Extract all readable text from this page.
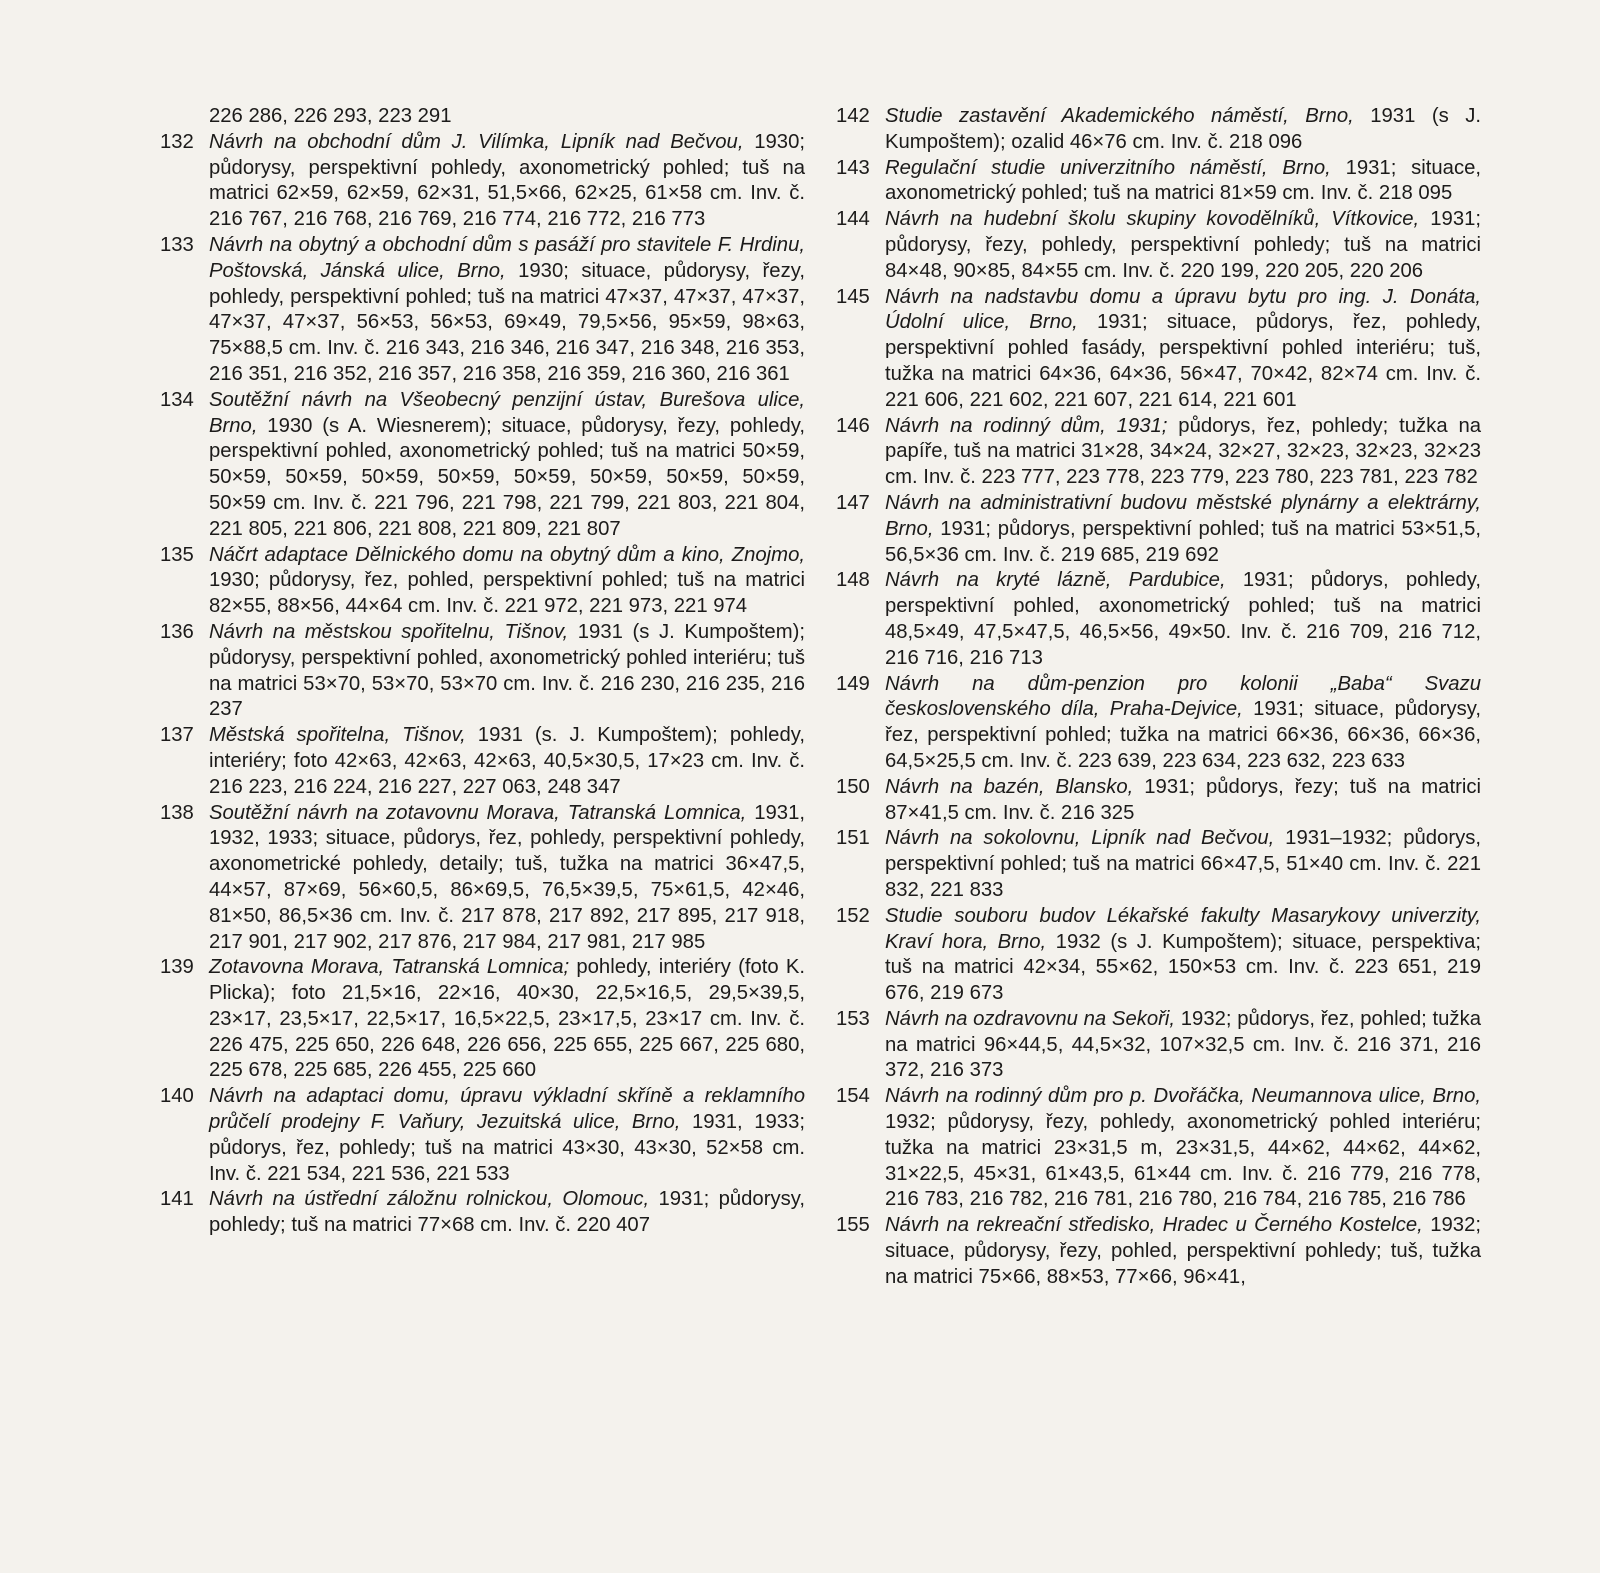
226 286, 226 293, 223 291

132 Návrh na obchodní dům J. Vilímka, Lipník nad Bečvou, 1930; půdorysy, perspektivní pohledy, axonometrický pohled; tuš na matrici 62×59, 62×59, 62×31, 51,5×66, 62×25, 61×58 cm. Inv. č. 216 767, 216 768, 216 769, 216 774, 216 772, 216 773

133 Návrh na obytný a obchodní dům s pasáží pro stavitele F. Hrdinu, Poštovská, Jánská ulice, Brno, 1930; situace, půdorysy, řezy, pohledy, perspektivní pohled; tuš na matrici 47×37, 47×37, 47×37, 47×37, 47×37, 56×53, 56×53, 69×49, 79,5×56, 95×59, 98×63, 75×88,5 cm. Inv. č. 216 343, 216 346, 216 347, 216 348, 216 353, 216 351, 216 352, 216 357, 216 358, 216 359, 216 360, 216 361

134 Soutěžní návrh na Všeobecný penzijní ústav, Burešova ulice, Brno, 1930 (s A. Wiesnerem); situace, půdorysy, řezy, pohledy, perspektivní pohled, axonometrický pohled; tuš na matrici 50×59, 50×59, 50×59, 50×59, 50×59, 50×59, 50×59, 50×59, 50×59, 50×59 cm. Inv. č. 221 796, 221 798, 221 799, 221 803, 221 804, 221 805, 221 806, 221 808, 221 809, 221 807

135 Náčrt adaptace Dělnického domu na obytný dům a kino, Znojmo, 1930; půdorysy, řez, pohled, perspektivní pohled; tuš na matrici 82×55, 88×56, 44×64 cm. Inv. č. 221 972, 221 973, 221 974

136 Návrh na městskou spořitelnu, Tišnov, 1931 (s J. Kumpoštem); půdorysy, perspektivní pohled, axonometrický pohled interiéru; tuš na matrici 53×70, 53×70, 53×70 cm. Inv. č. 216 230, 216 235, 216 237

137 Městská spořitelna, Tišnov, 1931 (s. J. Kumpoštem); pohledy, interiéry; foto 42×63, 42×63, 42×63, 40,5×30,5, 17×23 cm. Inv. č. 216 223, 216 224, 216 227, 227 063, 248 347

138 Soutěžní návrh na zotavovnu Morava, Tatranská Lomnica, 1931, 1932, 1933; situace, půdorys, řez, pohledy, perspektivní pohledy, axonometrické pohledy, detaily; tuš, tužka na matrici 36×47,5, 44×57, 87×69, 56×60,5, 86×69,5, 76,5×39,5, 75×61,5, 42×46, 81×50, 86,5×36 cm. Inv. č. 217 878, 217 892, 217 895, 217 918, 217 901, 217 902, 217 876, 217 984, 217 981, 217 985

139 Zotavovna Morava, Tatranská Lomnica; pohledy, interiéry (foto K. Plicka); foto 21,5×16, 22×16, 40×30, 22,5×16,5, 29,5×39,5, 23×17, 23,5×17, 22,5×17, 16,5×22,5, 23×17,5, 23×17 cm. Inv. č. 226 475, 225 650, 226 648, 226 656, 225 655, 225 667, 225 680, 225 678, 225 685, 226 455, 225 660

140 Návrh na adaptaci domu, úpravu výkladní skříně a reklamního průčelí prodejny F. Vaňury, Jezuitská ulice, Brno, 1931, 1933; půdorys, řez, pohledy; tuš na matrici 43×30, 43×30, 52×58 cm. Inv. č. 221 534, 221 536, 221 533

141 Návrh na ústřední záložnu rolnickou, Olomouc, 1931; půdorysy, pohledy; tuš na matrici 77×68 cm. Inv. č. 220 407

142 Studie zastavění Akademického náměstí, Brno, 1931 (s J. Kumpoštem); ozalid 46×76 cm. Inv. č. 218 096

143 Regulační studie univerzitního náměstí, Brno, 1931; situace, axonometrický pohled; tuš na matrici 81×59 cm. Inv. č. 218 095

144 Návrh na hudební školu skupiny kovodělníků, Vítkovice, 1931; půdorysy, řezy, pohledy, perspektivní pohledy; tuš na matrici 84×48, 90×85, 84×55 cm. Inv. č. 220 199, 220 205, 220 206

145 Návrh na nadstavbu domu a úpravu bytu pro ing. J. Donáta, Údolní ulice, Brno, 1931; situace, půdorys, řez, pohledy, perspektivní pohled fasády, perspektivní pohled interiéru; tuš, tužka na matrici 64×36, 64×36, 56×47, 70×42, 82×74 cm. Inv. č. 221 606, 221 602, 221 607, 221 614, 221 601

146 Návrh na rodinný dům, 1931; půdorys, řez, pohledy; tužka na papíře, tuš na matrici 31×28, 34×24, 32×27, 32×23, 32×23, 32×23 cm. Inv. č. 223 777, 223 778, 223 779, 223 780, 223 781, 223 782

147 Návrh na administrativní budovu městské plynárny a elektrárny, Brno, 1931; půdorys, perspektivní pohled; tuš na matrici 53×51,5, 56,5×36 cm. Inv. č. 219 685, 219 692

148 Návrh na kryté lázně, Pardubice, 1931; půdorys, pohledy, perspektivní pohled, axonometrický pohled; tuš na matrici 48,5×49, 47,5×47,5, 46,5×56, 49×50. Inv. č. 216 709, 216 712, 216 716, 216 713

149 Návrh na dům-penzion pro kolonii „Baba“ Svazu československého díla, Praha-Dejvice, 1931; situace, půdorysy, řez, perspektivní pohled; tužka na matrici 66×36, 66×36, 66×36, 64,5×25,5 cm. Inv. č. 223 639, 223 634, 223 632, 223 633

150 Návrh na bazén, Blansko, 1931; půdorys, řezy; tuš na matrici 87×41,5 cm. Inv. č. 216 325

151 Návrh na sokolovnu, Lipník nad Bečvou, 1931–1932; půdorys, perspektivní pohled; tuš na matrici 66×47,5, 51×40 cm. Inv. č. 221 832, 221 833

152 Studie souboru budov Lékařské fakulty Masarykovy univerzity, Kraví hora, Brno, 1932 (s J. Kumpoštem); situace, perspektiva; tuš na matrici 42×34, 55×62, 150×53 cm. Inv. č. 223 651, 219 676, 219 673

153 Návrh na ozdravovnu na Sekoři, 1932; půdorys, řez, pohled; tužka na matrici 96×44,5, 44,5×32, 107×32,5 cm. Inv. č. 216 371, 216 372, 216 373

154 Návrh na rodinný dům pro p. Dvořáčka, Neumannova ulice, Brno, 1932; půdorysy, řezy, pohledy, axonometrický pohled interiéru; tužka na matrici 23×31,5 m, 23×31,5, 44×62, 44×62, 44×62, 31×22,5, 45×31, 61×43,5, 61×44 cm. Inv. č. 216 779, 216 778, 216 783, 216 782, 216 781, 216 780, 216 784, 216 785, 216 786

155 Návrh na rekreační středisko, Hradec u Černého Kostelce, 1932; situace, půdorysy, řezy, pohled, perspektivní pohledy; tuš, tužka na matrici 75×66, 88×53, 77×66, 96×41,
